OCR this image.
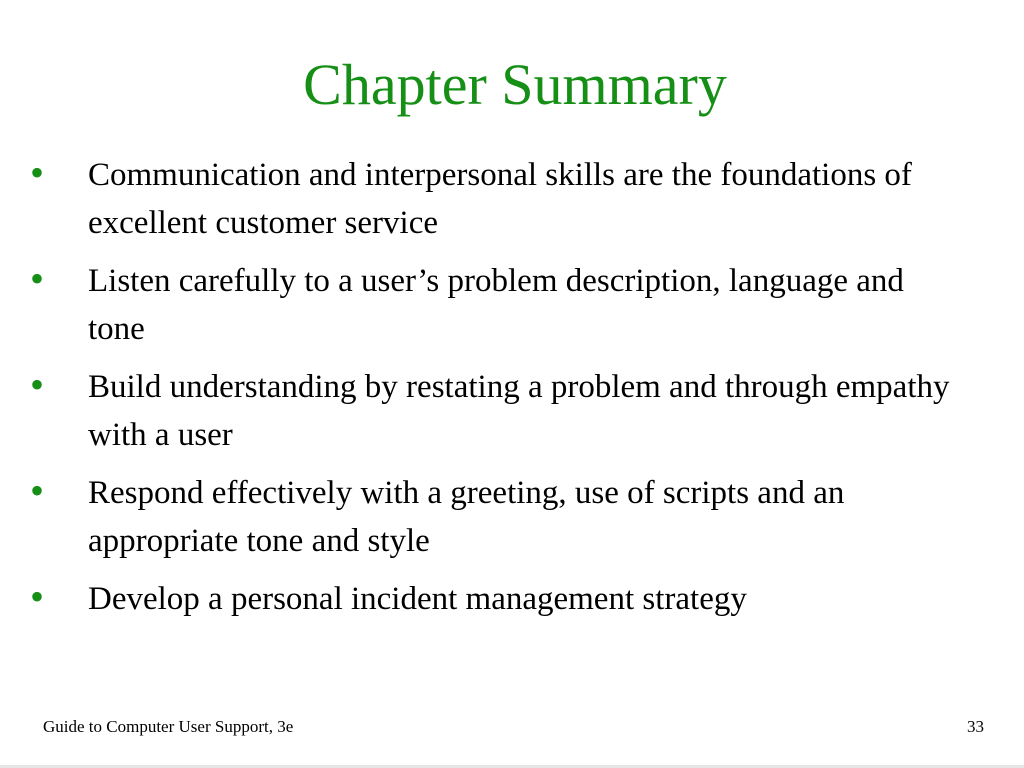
Chapter Summary
• Communication and interpersonal skills are the foundations of excellent customer service
• Listen carefully to a user’s problem description, language and tone
• Build understanding by restating a problem and through empathy with a user
• Respond effectively with a greeting, use of scripts and an appropriate tone and style
• Develop a personal incident management strategy
Guide to Computer User Support, 3e	33
